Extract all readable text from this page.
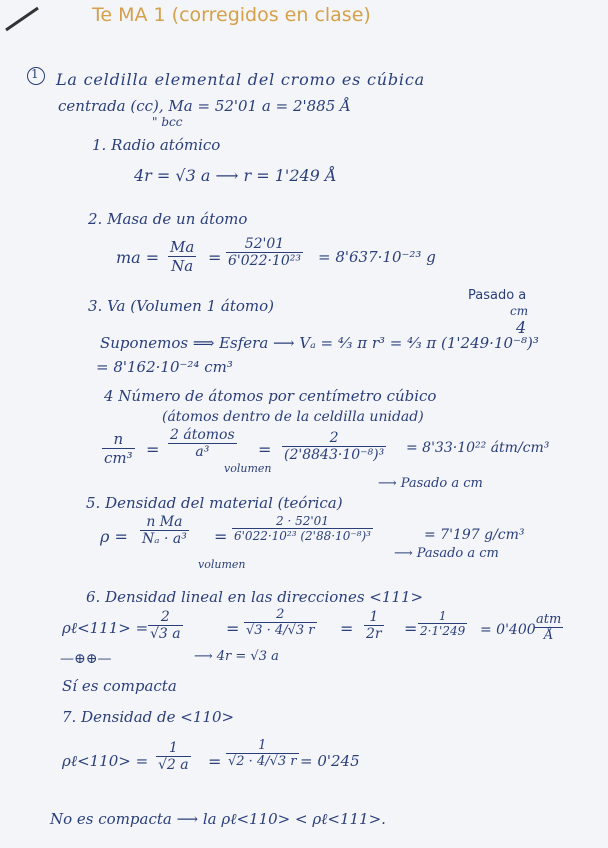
Te MA 1 (corregidos en clase)
1 La celdilla elemental del cromo es cúbica
centrada (cc), Ma = 52'01 a = 2'885 Å
" bcc
1. Radio atómico
4r = √3 a ⟶ r = 1'249 Å
2. Masa de un átomo
ma = $\frac{Ma}{Na} = \frac{52'01}{\text{6'022·10²³}} = 8'637\cdot 10^{-23}$ g
3. Va (Volumen 1 átomo)
Pasado a
cm
4
Suponemos ⟹ Esfera ⟶ Vₐ = ⁴⁄₃ π r³ = ⁴⁄₃ π (1'249·10⁻⁸)³
= 8'162·10⁻²⁴ cm³
4 Número de átomos por centímetro cúbico
(átomos dentro de la celdilla unidad)
$\frac{n}{\text{cm³}}$ =
2 átomos
a³	= $\frac{2}{\text{(2'8843·10⁻⁸)³}} = 8'33\cdot 10^{22}$ átm/cm³
volumen
⟶ Pasado a cm
5. Densidad del material (teórica)
$\rho = \frac{\text{n Ma}}{\text{Nₐ · a³}} = \frac{2 \cdot 52'01}{\text{6'022·10²³ (2'88·10⁻⁸)³}}$	= 7'197 g/cm³
volumen
⟶ Pasado a cm
6. Densidad lineal en las direcciones <111>
ρℓ<111> = $\frac{2}{√3 a}$	= $\frac{2}{√3 \cdot 4/√3 r} = \frac{1}{2r} = \frac{1}{2\cdot 1'249} = 0'400$
atm
Å
⟶ 4r = √3 a
—⊕⊕—
Sí es compacta
7. Densidad de <110>
ρℓ<110> = $\frac{1}{√2 a} = \frac{1}{√2 \cdot 4/√3 r} = 0'245$
No es compacta ⟶ la ρℓ<110> < ρℓ<111>.
